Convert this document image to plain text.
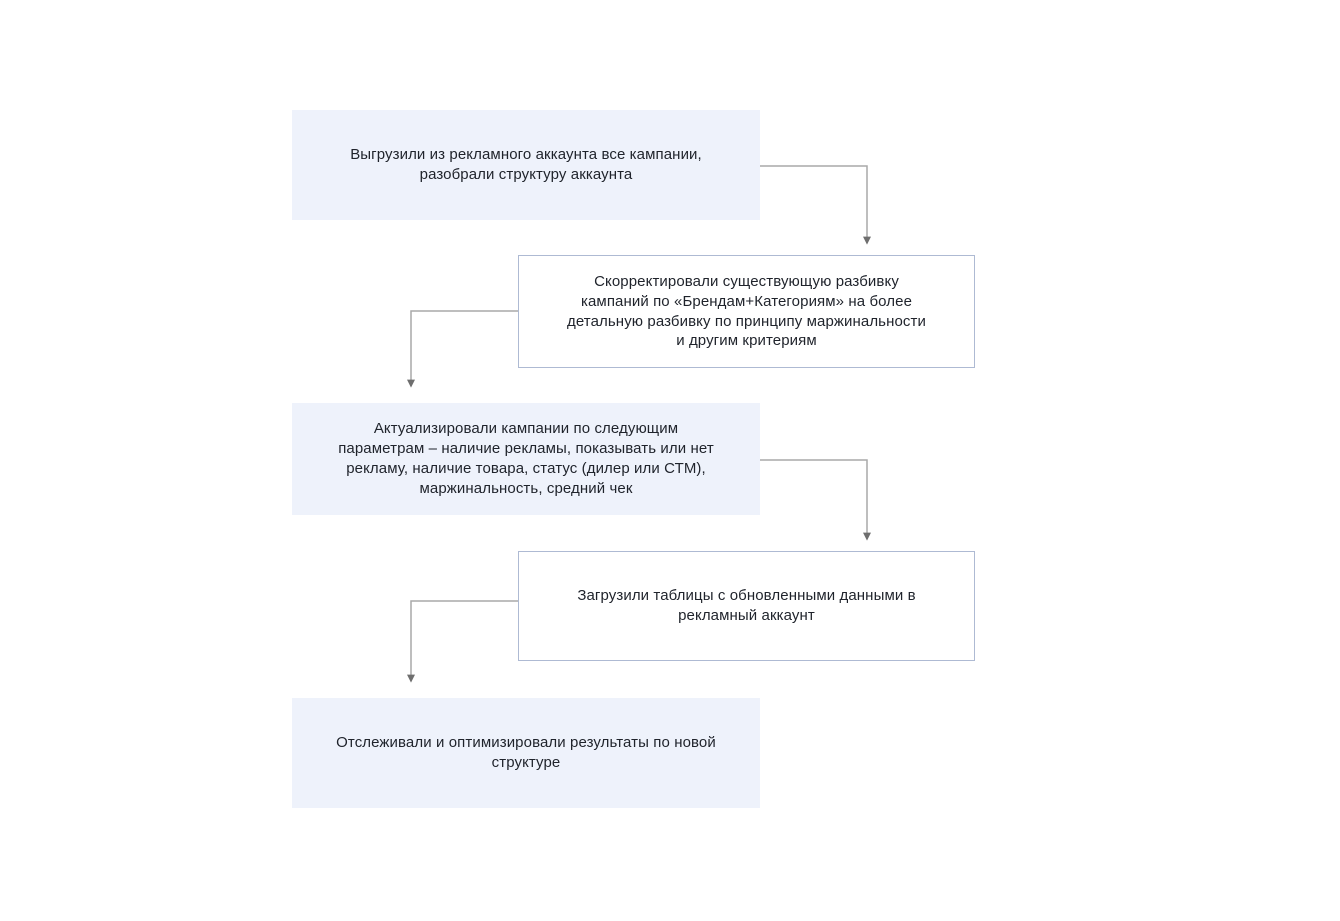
Выгрузили из рекламного аккаунта все кампании, разобрали структуру аккаунта
Скорректировали существующую разбивку кампаний по «Брендам+Категориям» на более детальную разбивку по принципу маржинальности и другим критериям
Актуализировали кампании по следующим параметрам – наличие рекламы, показывать или нет рекламу, наличие товара, статус (дилер или СТМ), маржинальность, средний чек
Загрузили таблицы с обновленными данными в рекламный аккаунт
Отслеживали и оптимизировали результаты по новой структуре
